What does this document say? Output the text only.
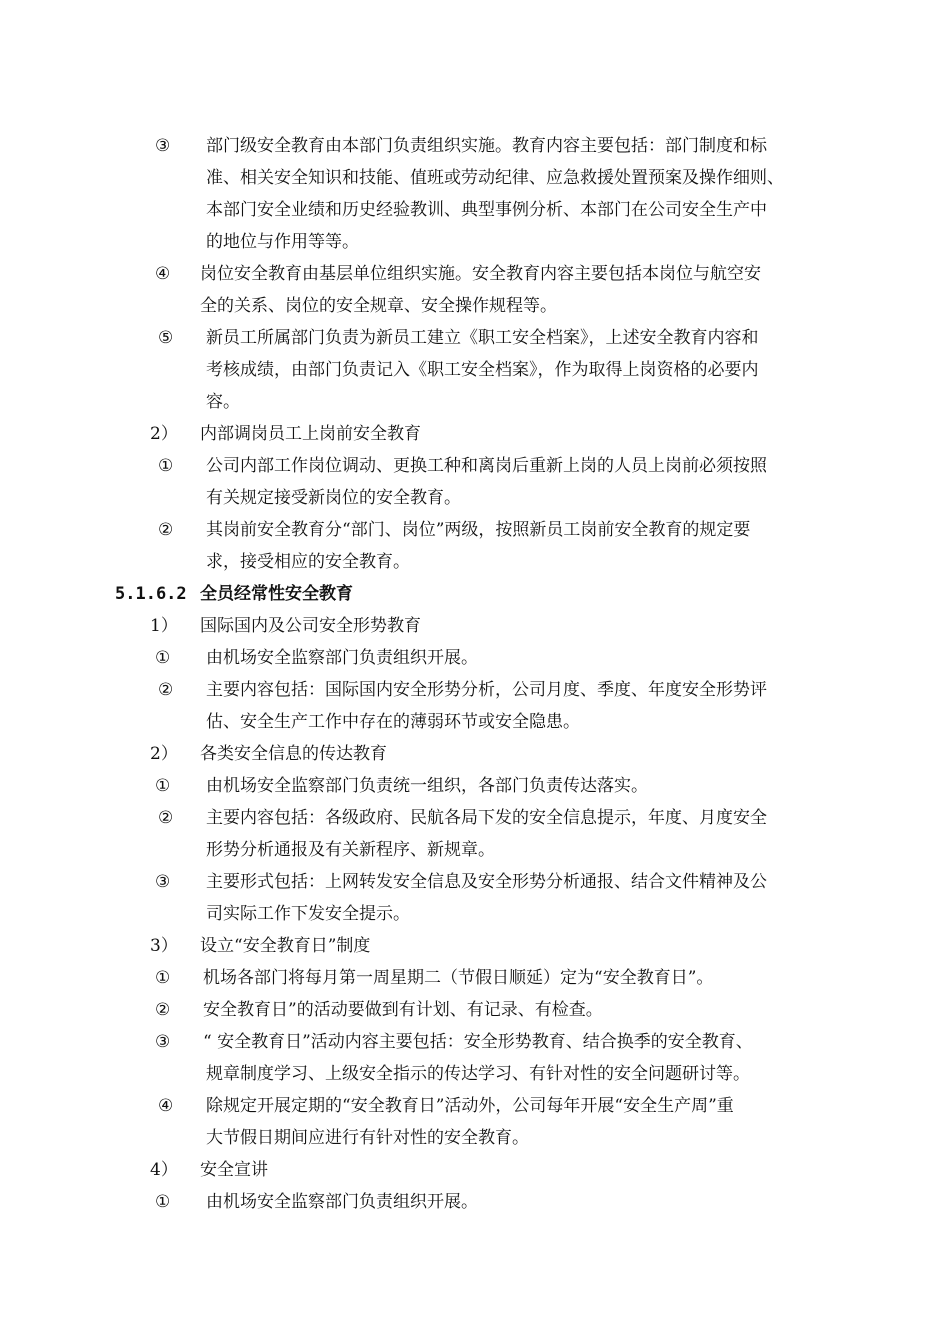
③ 部门级安全教育由本部门负责组织实施。教育内容主要包括：部门制度和标
准、相关安全知识和技能、值班或劳动纪律、应急救援处置预案及操作细则、
本部门安全业绩和历史经验教训、典型事例分析、本部门在公司安全生产中
的地位与作用等等。
④ 岗位安全教育由基层单位组织实施。安全教育内容主要包括本岗位与航空安
全的关系、岗位的安全规章、安全操作规程等。
⑤ 新员工所属部门负责为新员工建立《职工安全档案》，上述安全教育内容和
考核成绩，由部门负责记入《职工安全档案》，作为取得上岗资格的必要内
容。
2） 内部调岗员工上岗前安全教育
① 公司内部工作岗位调动、更换工种和离岗后重新上岗的人员上岗前必须按照
有关规定接受新岗位的安全教育。
② 其岗前安全教育分“部门、岗位”两级，按照新员工岗前安全教育的规定要
求，接受相应的安全教育。
5.1.6.2 全员经常性安全教育
1） 国际国内及公司安全形势教育
① 由机场安全监察部门负责组织开展。
② 主要内容包括：国际国内安全形势分析，公司月度、季度、年度安全形势评
估、安全生产工作中存在的薄弱环节或安全隐患。
2） 各类安全信息的传达教育
① 由机场安全监察部门负责统一组织，各部门负责传达落实。
② 主要内容包括：各级政府、民航各局下发的安全信息提示，年度、月度安全
形势分析通报及有关新程序、新规章。
③ 主要形式包括：上网转发安全信息及安全形势分析通报、结合文件精神及公
司实际工作下发安全提示。
3） 设立“安全教育日”制度
① 机场各部门将每月第一周星期二（节假日顺延）定为“安全教育日”。
② 安全教育日”的活动要做到有计划、有记录、有检查。
③ “ 安全教育日”活动内容主要包括：安全形势教育、结合换季的安全教育、
规章制度学习、上级安全指示的传达学习、有针对性的安全问题研讨等。
④ 除规定开展定期的“安全教育日”活动外，公司每年开展“安全生产周”重
大节假日期间应进行有针对性的安全教育。
4） 安全宣讲
① 由机场安全监察部门负责组织开展。
